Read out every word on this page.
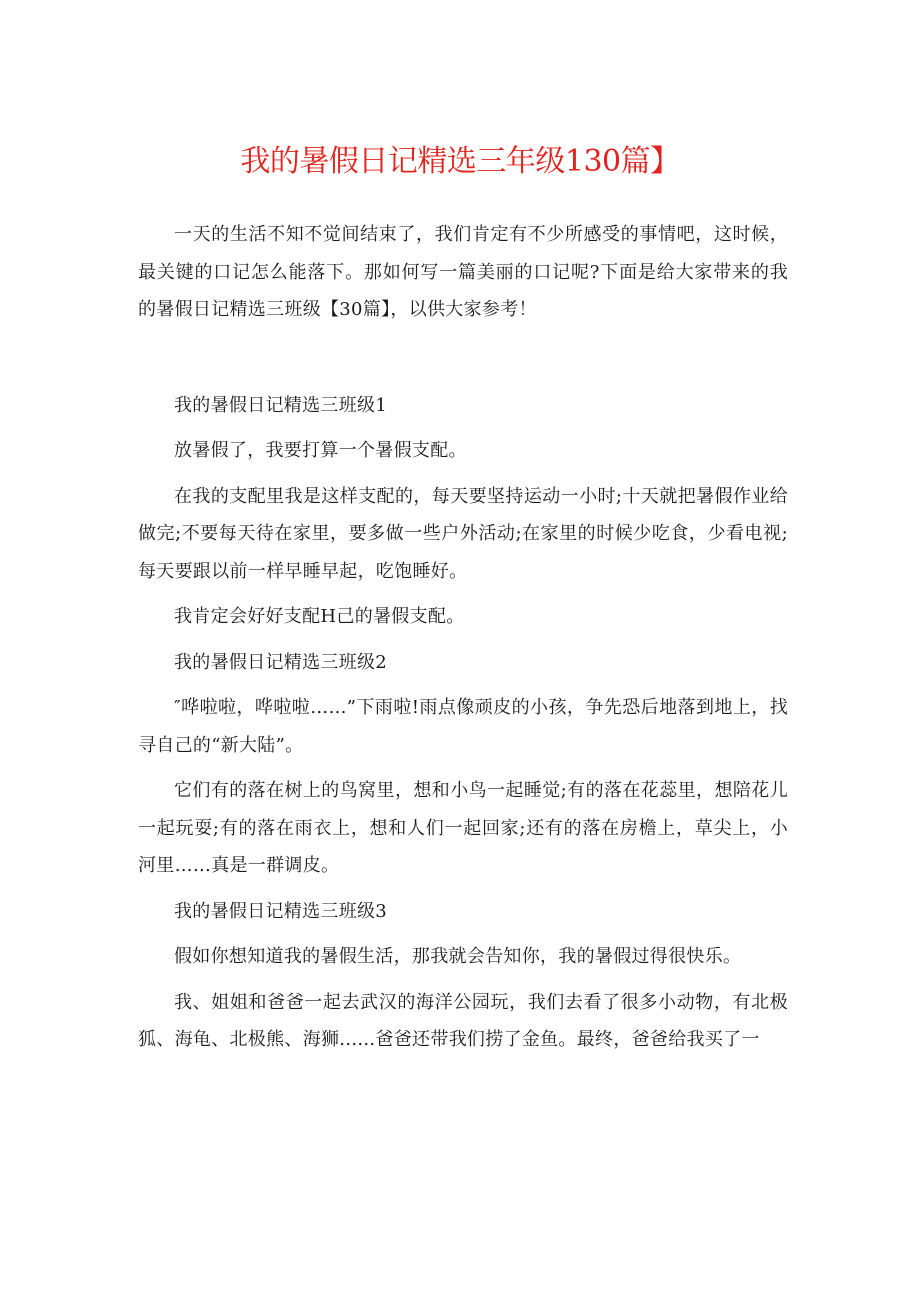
我的暑假日记精选三年级130篇】

一天的生活不知不觉间结束了，我们肯定有不少所感受的事情吧，这时候，最关键的口记怎么能落下。那如何写一篇美丽的口记呢?下面是给大家带来的我的暑假日记精选三班级【30篇】，以供大家参考！

我的暑假日记精选三班级1

放暑假了，我要打算一个暑假支配。

在我的支配里我是这样支配的，每天要坚持运动一小时;十天就把暑假作业给做完;不要每天待在家里，要多做一些户外活动;在家里的时候少吃食，少看电视;每天要跟以前一样早睡早起，吃饱睡好。

我肯定会好好支配H己的暑假支配。

我的暑假日记精选三班级2

″哗啦啦，哗啦啦……”下雨啦!雨点像顽皮的小孩，争先恐后地落到地上，找寻自己的“新大陆”。

它们有的落在树上的鸟窝里，想和小鸟一起睡觉;有的落在花蕊里，想陪花儿一起玩耍;有的落在雨衣上，想和人们一起回家;还有的落在房檐上，草尖上，小河里……真是一群调皮。

我的暑假日记精选三班级3

假如你想知道我的暑假生活，那我就会告知你，我的暑假过得很快乐。

我、姐姐和爸爸一起去武汉的海洋公园玩，我们去看了很多小动物，有北极狐、海龟、北极熊、海狮......爸爸还带我们捞了金鱼。最终，爸爸给我买了一
